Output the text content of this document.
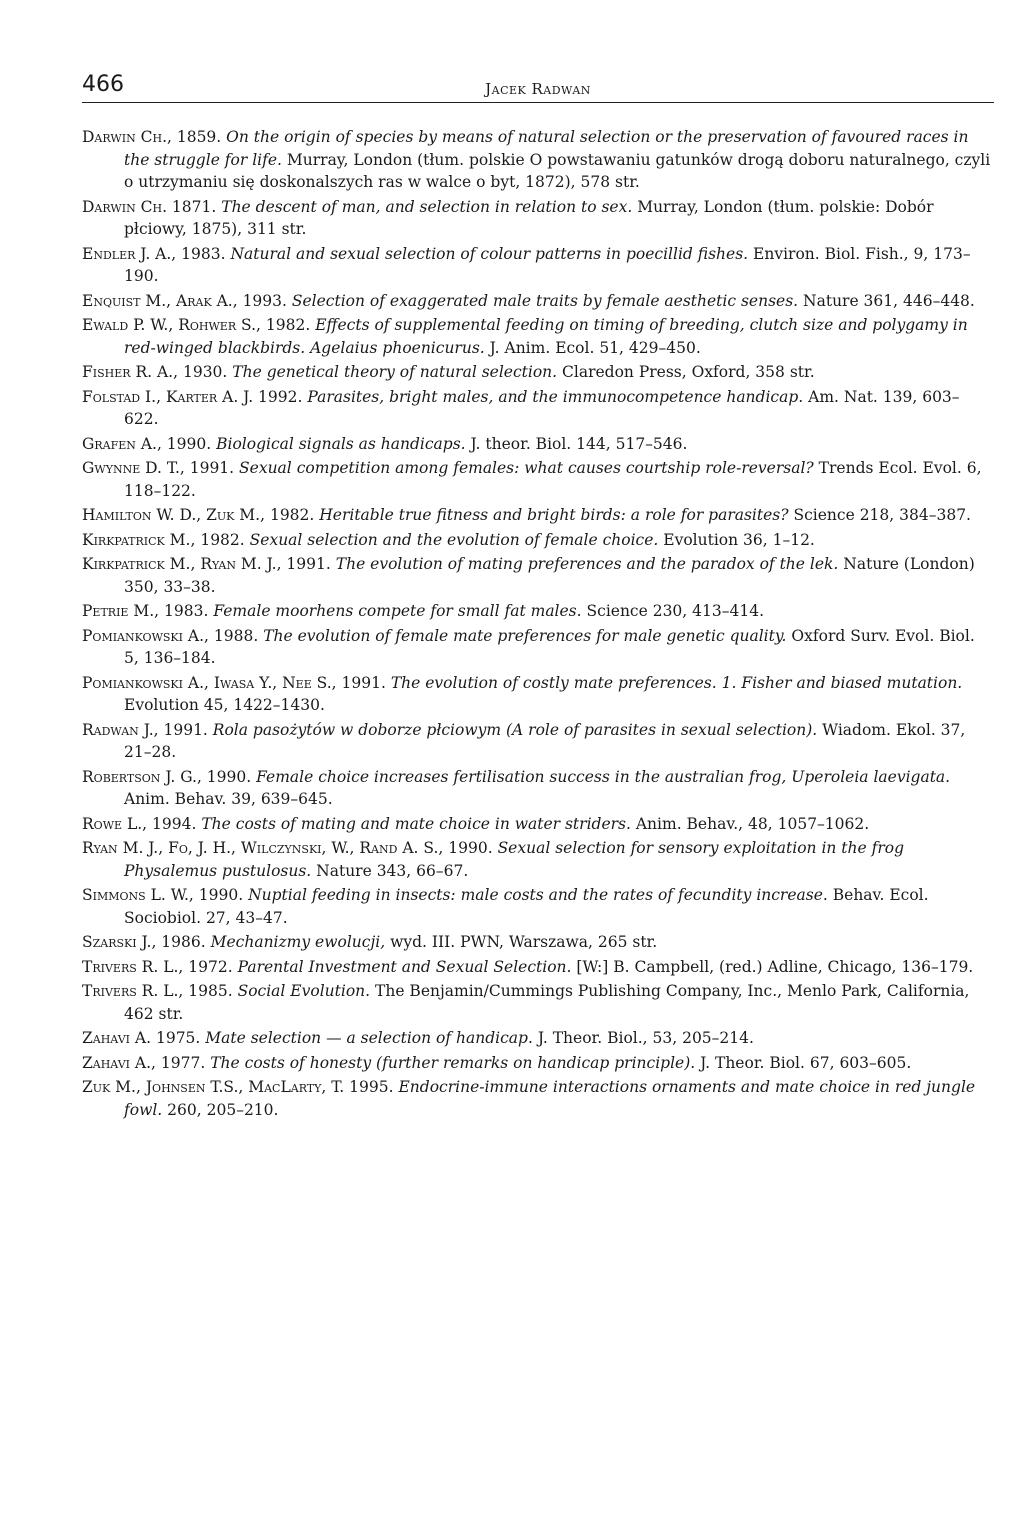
466	Jacek Radwan
Darwin Ch., 1859. On the origin of species by means of natural selection or the preservation of favoured races in the struggle for life. Murray, London (tłum. polskie O powstawaniu gatunków drogą doboru naturalnego, czyli o utrzymaniu się doskonalszych ras w walce o byt, 1872), 578 str.
Darwin Ch. 1871. The descent of man, and selection in relation to sex. Murray, London (tłum. polskie: Dobór płciowy, 1875), 311 str.
Endler J. A., 1983. Natural and sexual selection of colour patterns in poecillid fishes. Environ. Biol. Fish., 9, 173–190.
Enquist M., Arak A., 1993. Selection of exaggerated male traits by female aesthetic senses. Nature 361, 446–448.
Ewald P. W., Rohwer S., 1982. Effects of supplemental feeding on timing of breeding, clutch size and polygamy in red-winged blackbirds. Agelaius phoenicurus. J. Anim. Ecol. 51, 429–450.
Fisher R. A., 1930. The genetical theory of natural selection. Claredon Press, Oxford, 358 str.
Folstad I., Karter A. J. 1992. Parasites, bright males, and the immunocompetence handicap. Am. Nat. 139, 603–622.
Grafen A., 1990. Biological signals as handicaps. J. theor. Biol. 144, 517–546.
Gwynne D. T., 1991. Sexual competition among females: what causes courtship role-reversal? Trends Ecol. Evol. 6, 118–122.
Hamilton W. D., Zuk M., 1982. Heritable true fitness and bright birds: a role for parasites? Science 218, 384–387.
Kirkpatrick M., 1982. Sexual selection and the evolution of female choice. Evolution 36, 1–12.
Kirkpatrick M., Ryan M. J., 1991. The evolution of mating preferences and the paradox of the lek. Nature (London) 350, 33–38.
Petrie M., 1983. Female moorhens compete for small fat males. Science 230, 413–414.
Pomiankowski A., 1988. The evolution of female mate preferences for male genetic quality. Oxford Surv. Evol. Biol. 5, 136–184.
Pomiankowski A., Iwasa Y., Nee S., 1991. The evolution of costly mate preferences. 1. Fisher and biased mutation. Evolution 45, 1422–1430.
Radwan J., 1991. Rola pasożytów w doborze płciowym (A role of parasites in sexual selection). Wiadom. Ekol. 37, 21–28.
Robertson J. G., 1990. Female choice increases fertilisation success in the australian frog, Uperoleia laevigata. Anim. Behav. 39, 639–645.
Rowe L., 1994. The costs of mating and mate choice in water striders. Anim. Behav., 48, 1057–1062.
Ryan M. J., Fo, J. H., Wilczynski, W., Rand A. S., 1990. Sexual selection for sensory exploitation in the frog Physalemus pustulosus. Nature 343, 66–67.
Simmons L. W., 1990. Nuptial feeding in insects: male costs and the rates of fecundity increase. Behav. Ecol. Sociobiol. 27, 43–47.
Szarski J., 1986. Mechanizmy ewolucji, wyd. III. PWN, Warszawa, 265 str.
Trivers R. L., 1972. Parental Investment and Sexual Selection. [W:] B. Campbell, (red.) Adline, Chicago, 136–179.
Trivers R. L., 1985. Social Evolution. The Benjamin/Cummings Publishing Company, Inc., Menlo Park, California, 462 str.
Zahavi A. 1975. Mate selection — a selection of handicap. J. Theor. Biol., 53, 205–214.
Zahavi A., 1977. The costs of honesty (further remarks on handicap principle). J. Theor. Biol. 67, 603–605.
Zuk M., Johnsen T.S., MacLarty, T. 1995. Endocrine-immune interactions ornaments and mate choice in red jungle fowl. 260, 205–210.
